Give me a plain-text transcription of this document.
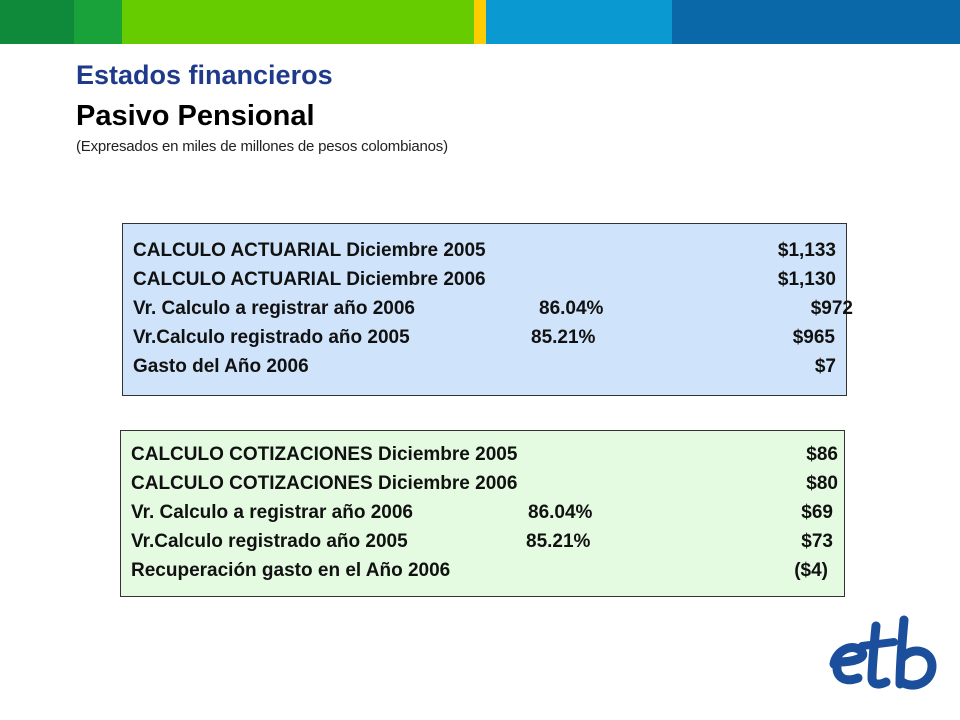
Estados financieros
Pasivo Pensional

(Expresados en miles de millones de pesos colombianos)

CALCULO ACTUARIAL Diciembre 2005	$1,133
CALCULO ACTUARIAL Diciembre 2006	$1,130
Vr. Calculo a registrar año 2006	86.04%	$972
Vr.Calculo registrado año 2005	85.21%	$965
Gasto del Año 2006	$7
CALCULO COTIZACIONES Diciembre 2005	$86
CALCULO COTIZACIONES Diciembre 2006	$80
Vr. Calculo a registrar año 2006	86.04%	$69
Vr.Calculo registrado año 2005	85.21%	$73
Recuperación gasto en el Año 2006	($4)
